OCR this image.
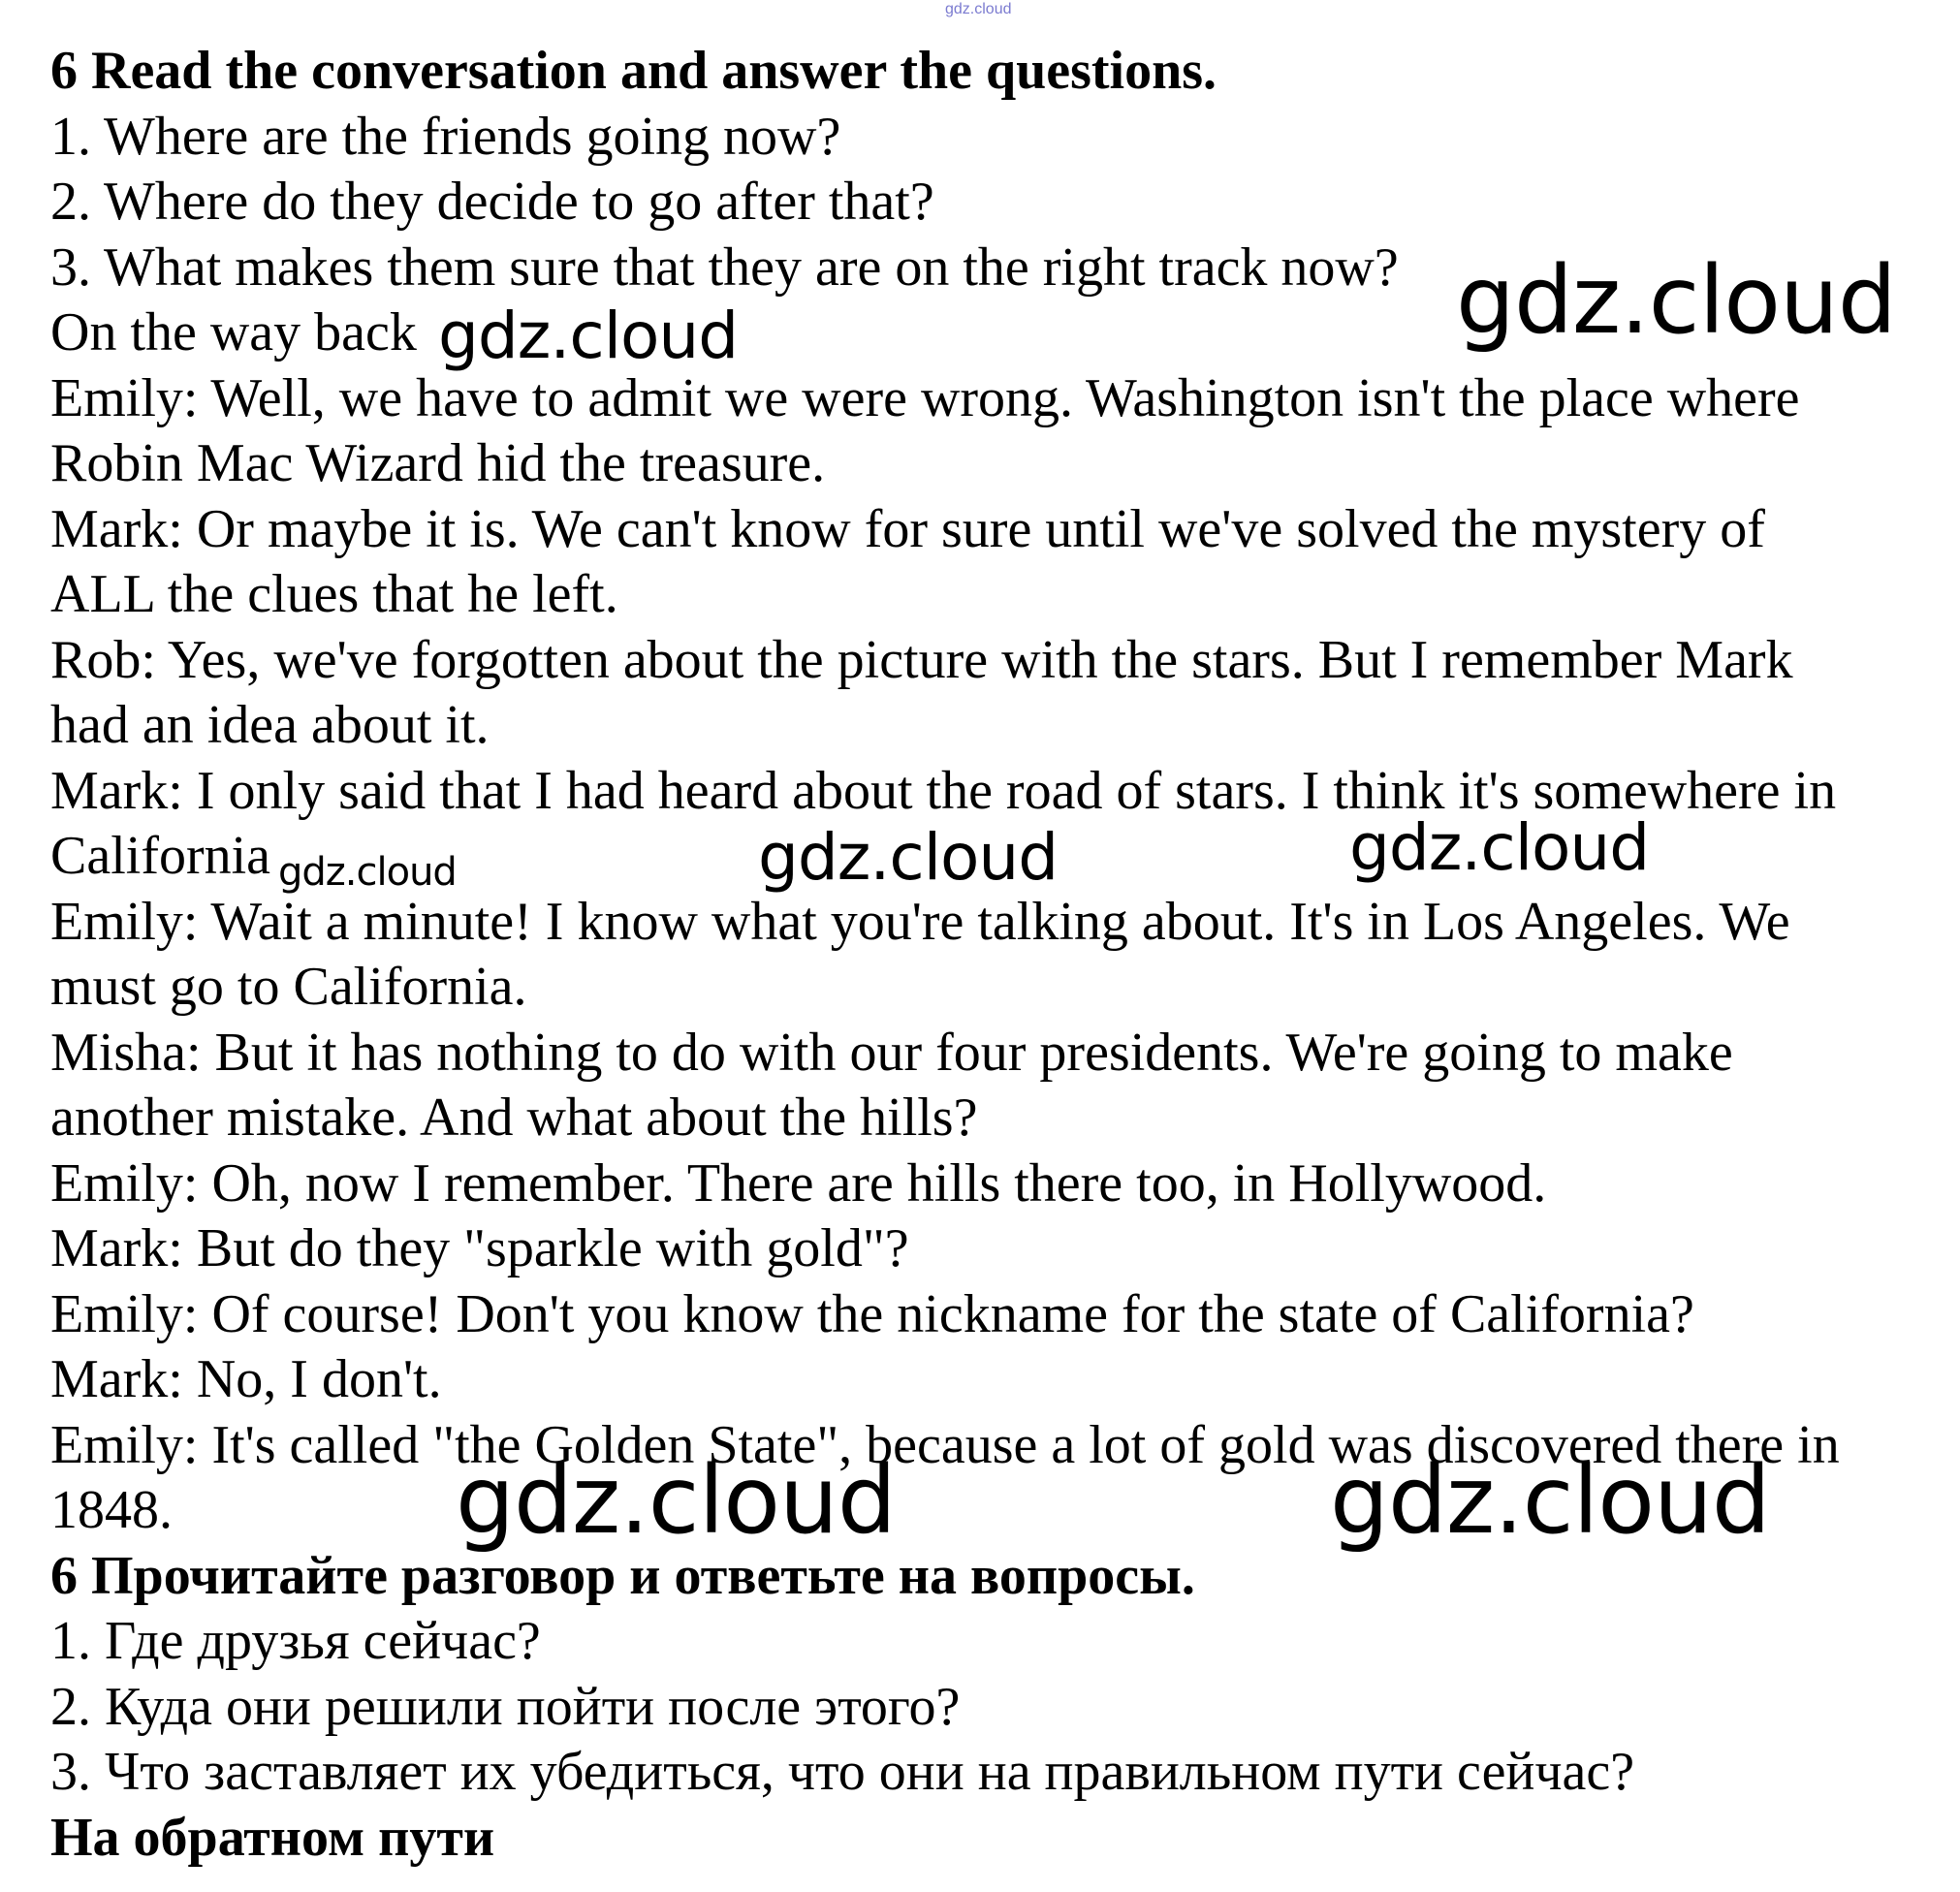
gdz.cloud
6 Read the conversation and answer the questions.
1. Where are the friends going now?
2. Where do they decide to go after that?
3. What makes them sure that they are on the right track now?
On the way back
Emily: Well, we have to admit we were wrong. Washington isn't the place where
Robin Mac Wizard hid the treasure.
Mark: Or maybe it is. We can't know for sure until we've solved the mystery of
ALL the clues that he left.
Rob: Yes, we've forgotten about the picture with the stars. But I remember Mark
had an idea about it.
Mark: I only said that I had heard about the road of stars. I think it's somewhere in
California
Emily: Wait a minute! I know what you're talking about. It's in Los Angeles. We
must go to California.
Misha: But it has nothing to do with our four presidents. We're going to make
another mistake. And what about the hills?
Emily: Oh, now I remember. There are hills there too, in Hollywood.
Mark: But do they "sparkle with gold"?
Emily: Of course! Don't you know the nickname for the state of California?
Mark: No, I don't.
Emily: It's called "the Golden State", because a lot of gold was discovered there in
1848.
6 Прочитайте разговор и ответьте на вопросы.
1. Где друзья сейчас?
2. Куда они решили пойти после этого?
3. Что заставляет их убедиться, что они на правильном пути сейчас?
На обратном пути
gdz.cloud
gdz.cloud
gdz.cloud	gdz.cloud	gdz.cloud
gdz.cloud	gdz.cloud
